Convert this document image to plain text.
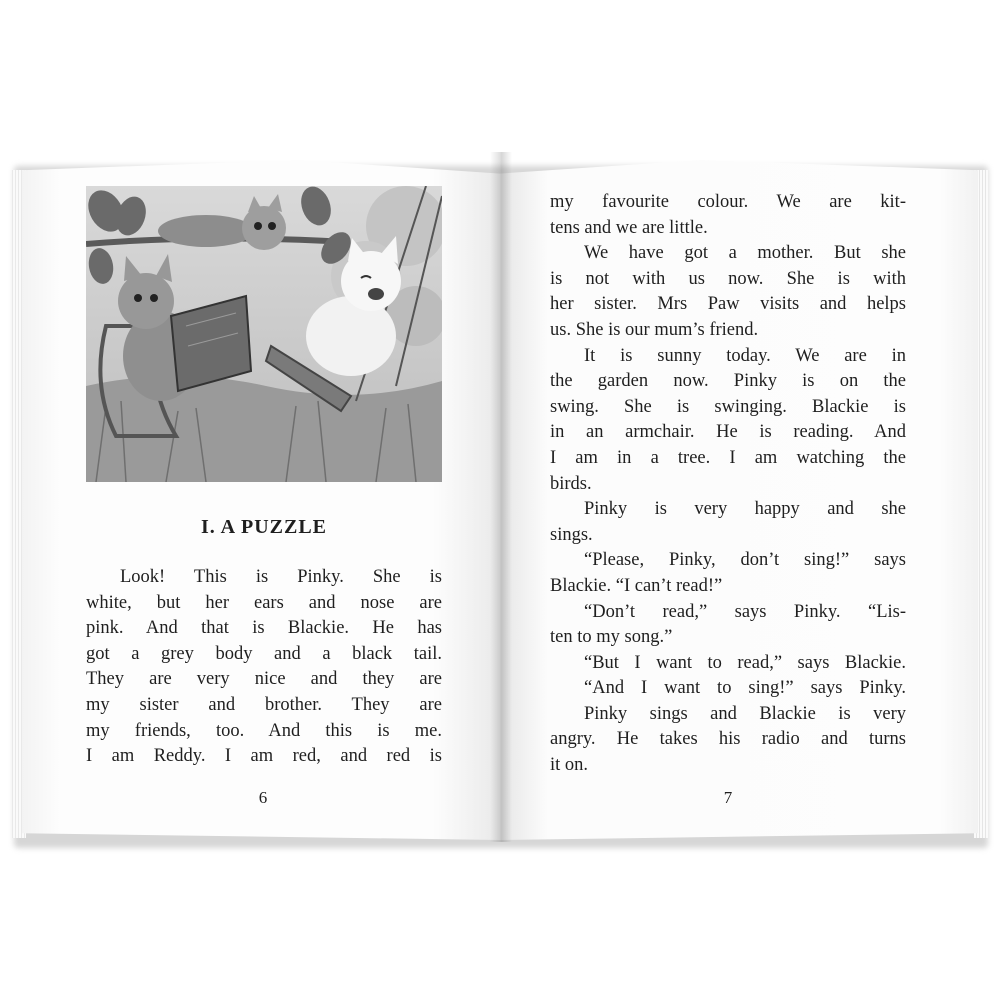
I. A PUZZLE
Look! This is Pinky. She is
white, but her ears and nose are
pink. And that is Blackie. He has
got a grey body and a black tail.
They are very nice and they are
my sister and brother. They are
my friends, too. And this is me.
I am Reddy. I am red, and red is
6
my favourite colour. We are kit-
tens and we are little.
We have got a mother. But she
is not with us now. She is with
her sister. Mrs Paw visits and helps
us. She is our mum’s friend.
It is sunny today. We are in
the garden now. Pinky is on the
swing. She is swinging. Blackie is
in an armchair. He is reading. And
I am in a tree. I am watching the
birds.
Pinky is very happy and she
sings.
“Please, Pinky, don’t sing!” says
Blackie. “I can’t read!”
“Don’t read,” says Pinky. “Lis-
ten to my song.”
“But I want to read,” says Blackie.
“And I want to sing!” says Pinky.
Pinky sings and Blackie is very
angry. He takes his radio and turns
it on.
7
